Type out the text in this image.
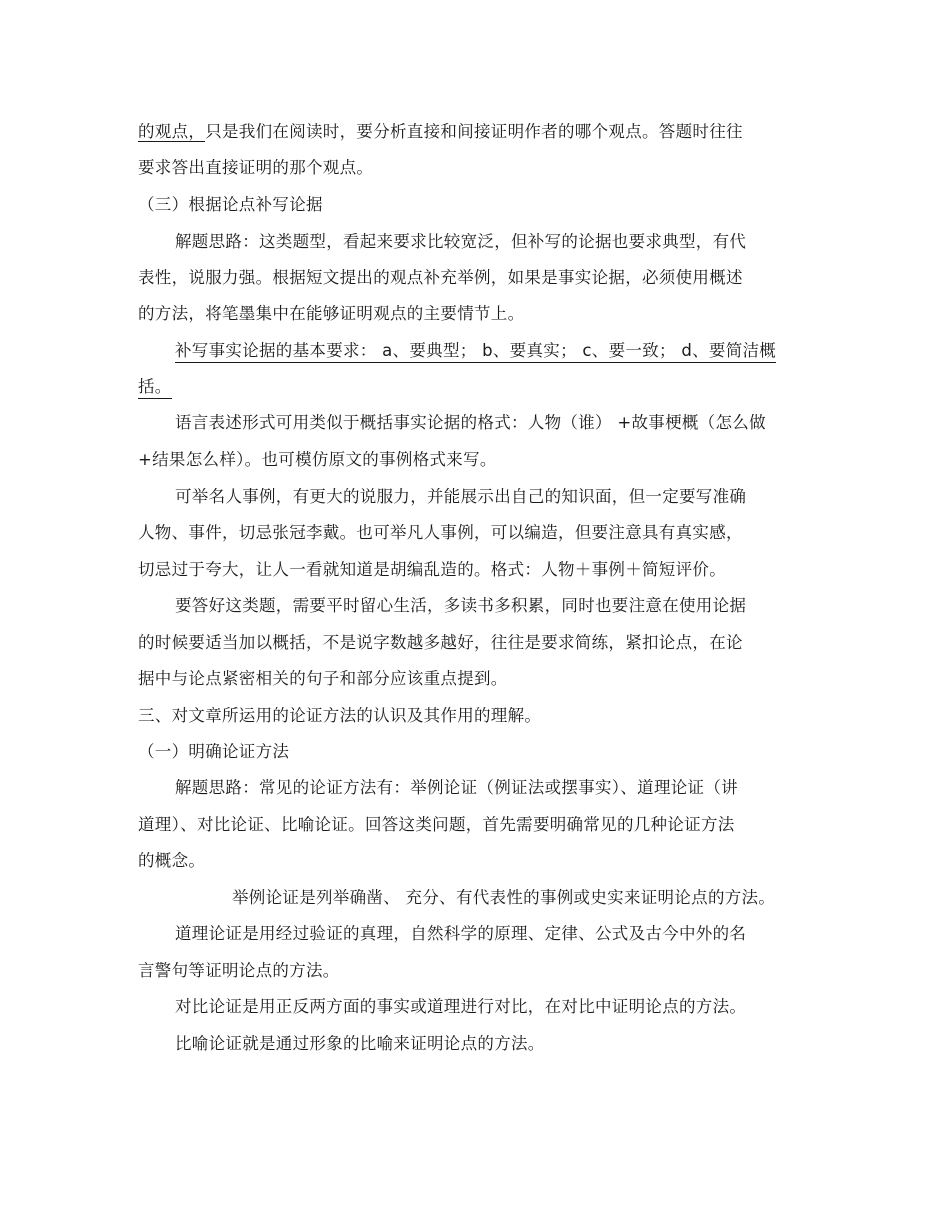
的观点，只是我们在阅读时，要分析直接和间接证明作者的哪个观点。答题时往往
要求答出直接证明的那个观点。
（三）根据论点补写论据
解题思路：这类题型，看起来要求比较宽泛，但补写的论据也要求典型，有代
表性，说服力强。根据短文提出的观点补充举例，如果是事实论据，必须使用概述
的方法，将笔墨集中在能够证明观点的主要情节上。
补写事实论据的基本要求： a、要典型； b、要真实； c、要一致； d、要简洁概
括。
语言表述形式可用类似于概括事实论据的格式：人物（谁） +故事梗概（怎么做
+结果怎么样）。也可模仿原文的事例格式来写。
可举名人事例，有更大的说服力，并能展示出自己的知识面，但一定要写准确
人物、事件，切忌张冠李戴。也可举凡人事例，可以编造，但要注意具有真实感，
切忌过于夸大，让人一看就知道是胡编乱造的。格式：人物＋事例＋简短评价。
要答好这类题，需要平时留心生活，多读书多积累，同时也要注意在使用论据
的时候要适当加以概括，不是说字数越多越好，往往是要求简练，紧扣论点，在论
据中与论点紧密相关的句子和部分应该重点提到。
三、对文章所运用的论证方法的认识及其作用的理解。
（一）明确论证方法
解题思路：常见的论证方法有：举例论证（例证法或摆事实）、道理论证（讲
道理）、对比论证、比喻论证。回答这类问题，首先需要明确常见的几种论证方法
的概念。
举例论证是列举确凿、 充分、有代表性的事例或史实来证明论点的方法。
道理论证是用经过验证的真理，自然科学的原理、定律、公式及古今中外的名
言警句等证明论点的方法。
对比论证是用正反两方面的事实或道理进行对比，在对比中证明论点的方法。
比喻论证就是通过形象的比喻来证明论点的方法。
